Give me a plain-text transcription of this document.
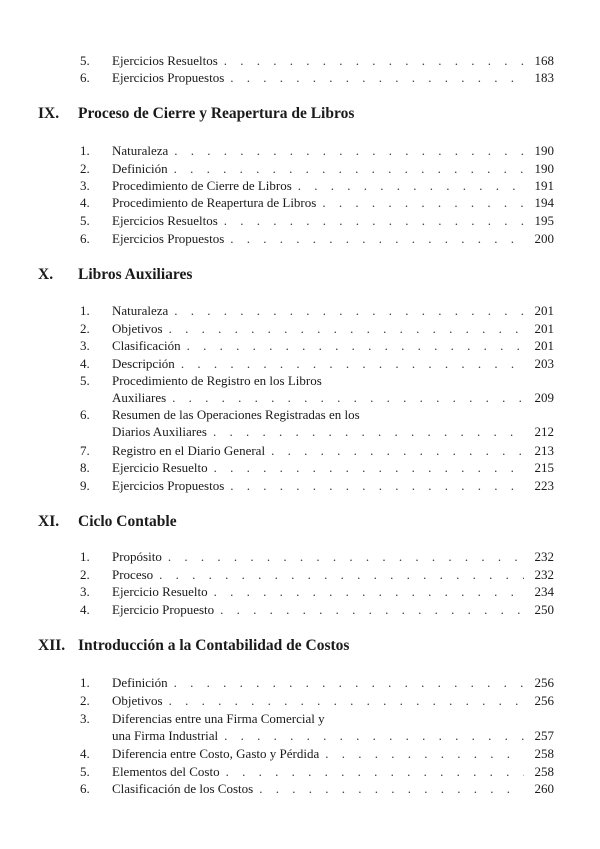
5.	Ejercicios Resueltos . . .	168
6.	Ejercicios Propuestos . . .	183
IX. Proceso de Cierre y Reapertura de Libros
1.	Naturaleza . . .	190
2.	Definición . . .	190
3.	Procedimiento de Cierre de Libros . . .	191
4.	Procedimiento de Reapertura de Libros . . .	194
5.	Ejercicios Resueltos . . .	195
6.	Ejercicios Propuestos . . .	200
X. Libros Auxiliares
1.	Naturaleza . . .	201
2.	Objetivos . . .	201
3.	Clasificación . . .	201
4.	Descripción . . .	203
5.	Procedimiento de Registro en los Libros
Auxiliares . . .	209
6.	Resumen de las Operaciones Registradas en los
Diarios Auxiliares . . .	212
7.	Registro en el Diario General . . .	213
8.	Ejercicio Resuelto . . .	215
9.	Ejercicios Propuestos . . .	223
XI. Ciclo Contable
1.	Propósito . . .	232
2.	Proceso . . .	232
3.	Ejercicio Resuelto . . .	234
4.	Ejercicio Propuesto . . .	250
XII. Introducción a la Contabilidad de Costos
1.	Definición . . .	256
2.	Objetivos . . .	256
3.	Diferencias entre una Firma Comercial y
una Firma Industrial . . .	257
4.	Diferencia entre Costo, Gasto y Pérdida . . .	258
5.	Elementos del Costo . . .	258
6.	Clasificación de los Costos . . .	260
